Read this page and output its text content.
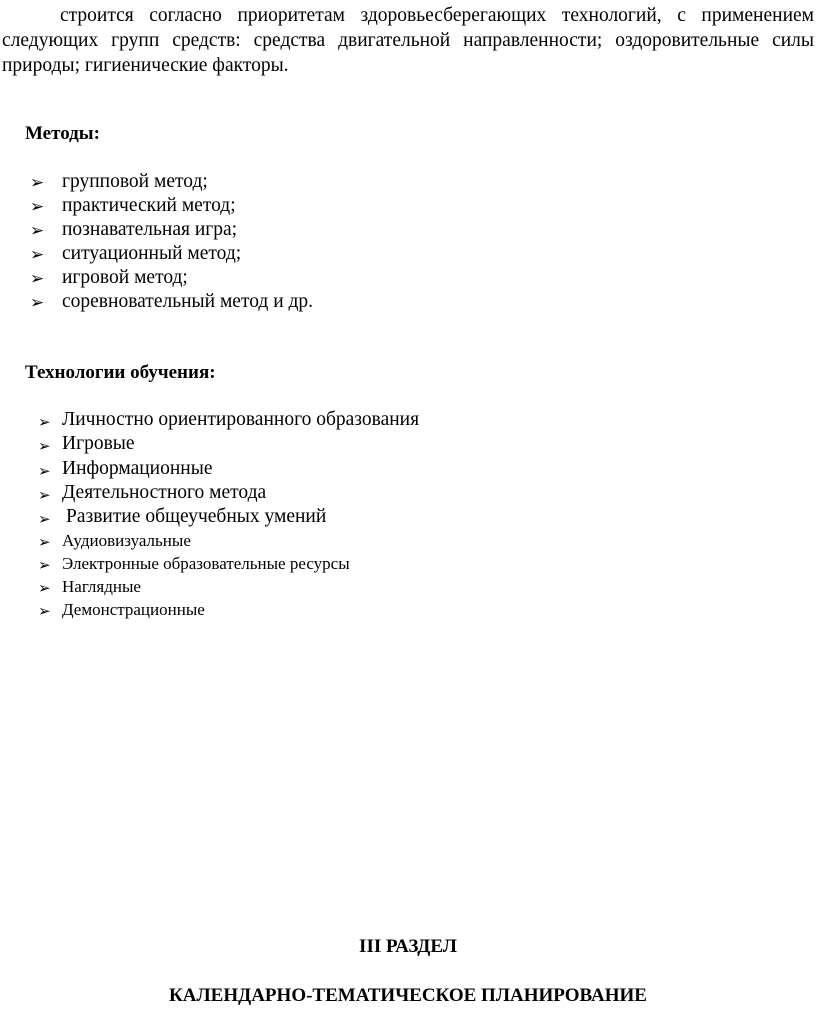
строится согласно приоритетам здоровьесберегающих технологий, с применением следующих групп средств: средства двигательной направленности; оздоровительные силы природы; гигиенические факторы.

Методы:

➢ групповой метод;
➢ практический метод;
➢ познавательная игра;
➢ ситуационный метод;
➢ игровой метод;
➢ соревновательный метод и др.

Технологии обучения:

➢ Личностно ориентированного образования
➢ Игровые
➢ Информационные
➢ Деятельностного метода
➢ Развитие общеучебных умений
➢ Аудиовизуальные
➢ Электронные образовательные ресурсы
➢ Наглядные
➢ Демонстрационные

III РАЗДЕЛ

КАЛЕНДАРНО-ТЕМАТИЧЕСКОЕ ПЛАНИРОВАНИЕ
